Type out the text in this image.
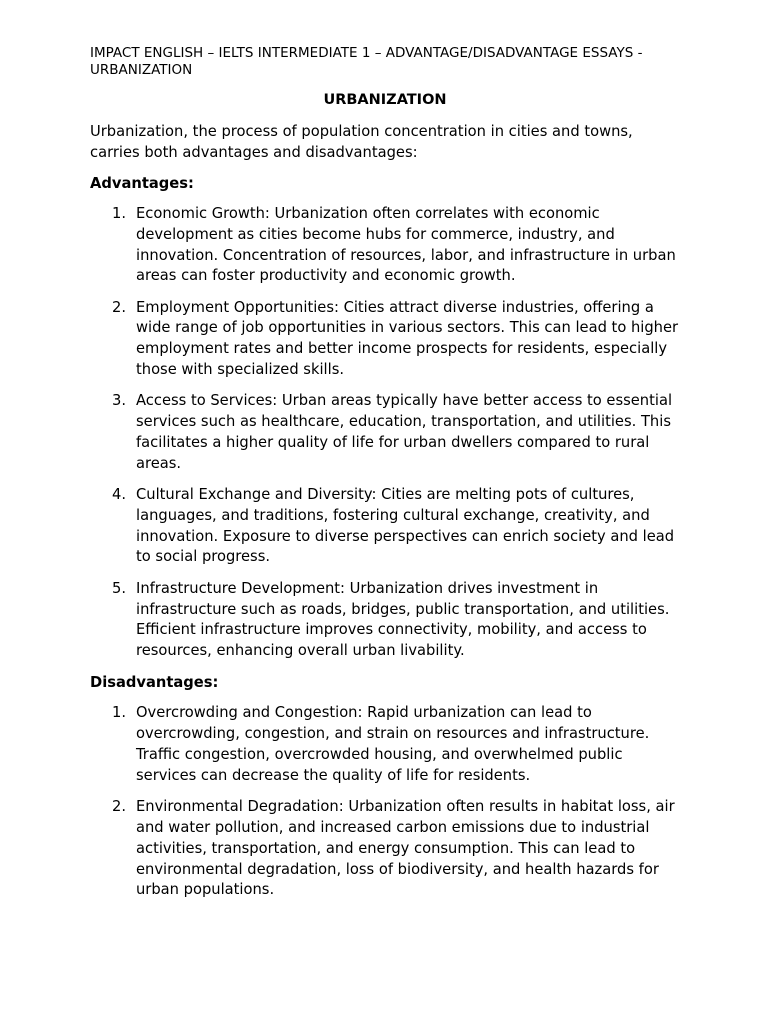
IMPACT ENGLISH – IELTS INTERMEDIATE 1 – ADVANTAGE/DISADVANTAGE ESSAYS - URBANIZATION

URBANIZATION

Urbanization, the process of population concentration in cities and towns, carries both advantages and disadvantages:

Advantages:

1. Economic Growth: Urbanization often correlates with economic development as cities become hubs for commerce, industry, and innovation. Concentration of resources, labor, and infrastructure in urban areas can foster productivity and economic growth.
2. Employment Opportunities: Cities attract diverse industries, offering a wide range of job opportunities in various sectors. This can lead to higher employment rates and better income prospects for residents, especially those with specialized skills.
3. Access to Services: Urban areas typically have better access to essential services such as healthcare, education, transportation, and utilities. This facilitates a higher quality of life for urban dwellers compared to rural areas.
4. Cultural Exchange and Diversity: Cities are melting pots of cultures, languages, and traditions, fostering cultural exchange, creativity, and innovation. Exposure to diverse perspectives can enrich society and lead to social progress.
5. Infrastructure Development: Urbanization drives investment in infrastructure such as roads, bridges, public transportation, and utilities. Efficient infrastructure improves connectivity, mobility, and access to resources, enhancing overall urban livability.

Disadvantages:

1. Overcrowding and Congestion: Rapid urbanization can lead to overcrowding, congestion, and strain on resources and infrastructure. Traffic congestion, overcrowded housing, and overwhelmed public services can decrease the quality of life for residents.
2. Environmental Degradation: Urbanization often results in habitat loss, air and water pollution, and increased carbon emissions due to industrial activities, transportation, and energy consumption. This can lead to environmental degradation, loss of biodiversity, and health hazards for urban populations.
